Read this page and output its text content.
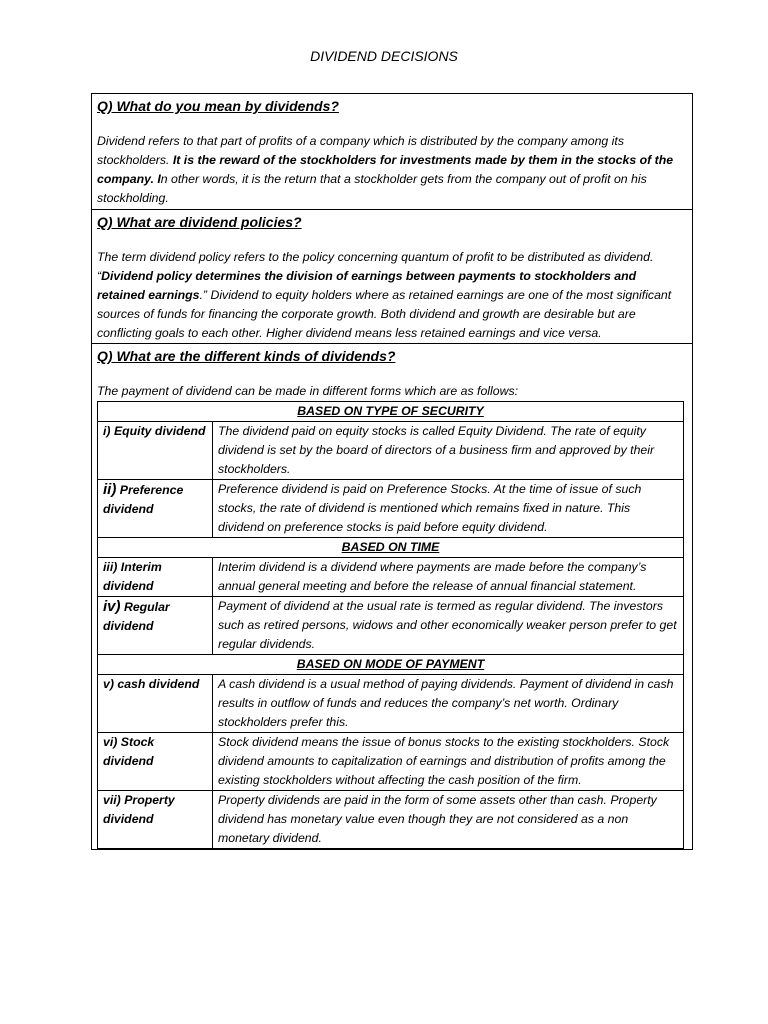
DIVIDEND DECISIONS
Q) What do you mean by dividends?

Dividend refers to that part of profits of a company which is distributed by the company among its stockholders. It is the reward of the stockholders for investments made by them in the stocks of the company. In other words, it is the return that a stockholder gets from the company out of profit on his stockholding.

Q) What are dividend policies?

The term dividend policy refers to the policy concerning quantum of profit to be distributed as dividend. “Dividend policy determines the division of earnings between payments to stockholders and retained earnings.” Dividend to equity holders where as retained earnings are one of the most significant sources of funds for financing the corporate growth. Both dividend and growth are desirable but are conflicting goals to each other. Higher dividend means less retained earnings and vice versa.

Q) What are the different kinds of dividends?

The payment of dividend can be made in different forms which are as follows:

BASED ON TYPE OF SECURITY	
i) Equity dividend	The dividend paid on equity stocks is called Equity Dividend. The rate of equity dividend is set by the board of directors of a business firm and approved by their stockholders.
ii) Preference dividend	Preference dividend is paid on Preference Stocks. At the time of issue of such stocks, the rate of dividend is mentioned which remains fixed in nature. This dividend on preference stocks is paid before equity dividend.
BASED ON TIME	
iii) Interim dividend	Interim dividend is a dividend where payments are made before the company’s annual general meeting and before the release of annual financial statement.
iv) Regular dividend	Payment of dividend at the usual rate is termed as regular dividend. The investors such as retired persons, widows and other economically weaker person prefer to get regular dividends.
BASED ON MODE OF PAYMENT	
v) cash dividend	A cash dividend is a usual method of paying dividends. Payment of dividend in cash results in outflow of funds and reduces the company’s net worth. Ordinary stockholders prefer this.
vi) Stock dividend	Stock dividend means the issue of bonus stocks to the existing stockholders. Stock dividend amounts to capitalization of earnings and distribution of profits among the existing stockholders without affecting the cash position of the firm.
vii) Property dividend	Property dividends are paid in the form of some assets other than cash. Property dividend has monetary value even though they are not considered as a non monetary dividend.
